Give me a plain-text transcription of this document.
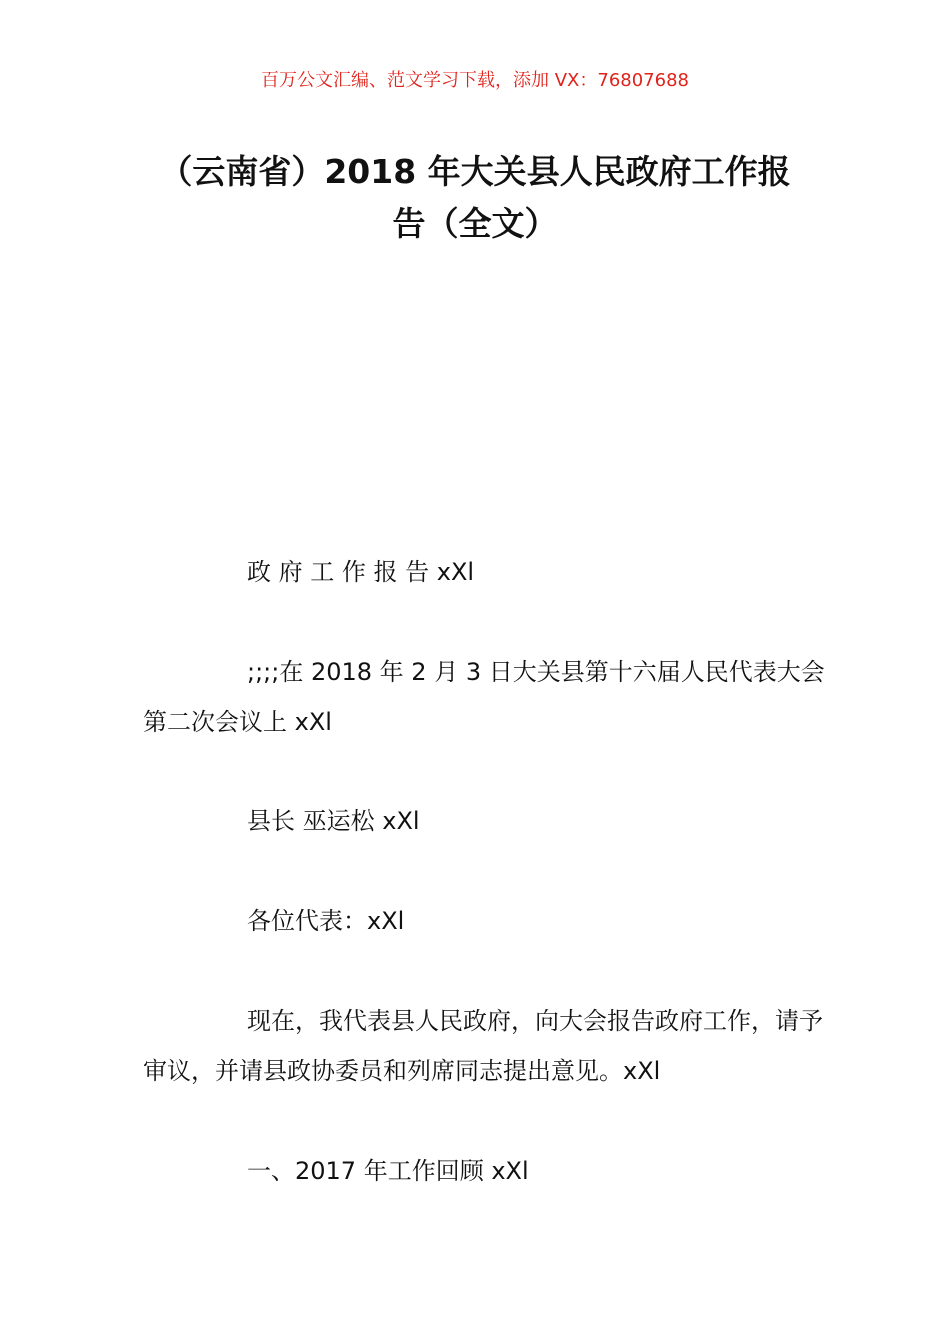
百万公文汇编、范文学习下载，添加 VX：76807688
（云南省）2018 年大关县人民政府工作报
告（全文）

政 府 工 作 报 告 xXl

;;;;在 2018 年 2 月 3 日大关县第十六届人民代表大会第二次会议上 xXl

县长 巫运松 xXl

各位代表：xXl

现在，我代表县人民政府，向大会报告政府工作，请予审议，并请县政协委员和列席同志提出意见。xXl

一、2017 年工作回顾 xXl
